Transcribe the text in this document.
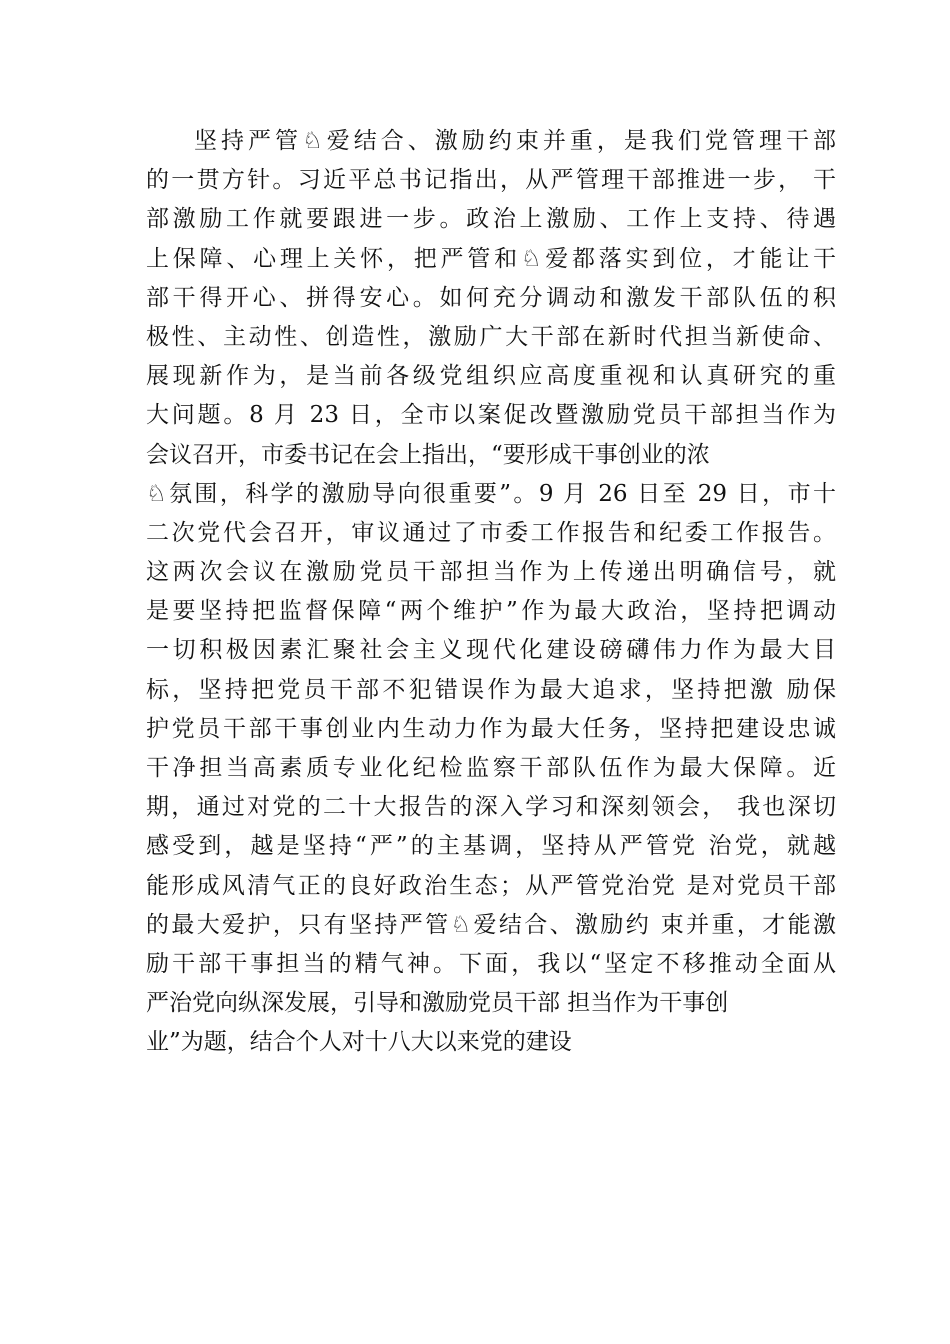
坚持严管♘爱结合、激励约束并重，是我们党管理干部
的一贯方针。习近平总书记指出，从严管理干部推进一步， 干
部激励工作就要跟进一步。政治上激励、工作上支持、待遇
上保障、心理上关怀，把严管和♘爱都落实到位，才能让干
部干得开心、拼得安心。如何充分调动和激发干部队伍的积
极性、主动性、创造性，激励广大干部在新时代担当新使命、
展现新作为，是当前各级党组织应高度重视和认真研究的重
大问题。8 月 23 日，全市以案促改暨激励党员干部担当作为
会议召开，市委书记在会上指出，“要形成干事创业的浓
♘氛围，科学的激励导向很重要”。9 月 26 日至 29 日，市十
二次党代会召开，审议通过了市委工作报告和纪委工作报告。
这两次会议在激励党员干部担当作为上传递出明确信号，就
是要坚持把监督保障“两个维护”作为最大政治，坚持把调动
一切积极因素汇聚社会主义现代化建设磅礴伟力作为最大目
标，坚持把党员干部不犯错误作为最大追求，坚持把激 励保
护党员干部干事创业内生动力作为最大任务，坚持把建设忠诚
干净担当高素质专业化纪检监察干部队伍作为最大保障。近
期，通过对党的二十大报告的深入学习和深刻领会， 我也深切
感受到，越是坚持“严”的主基调，坚持从严管党 治党，就越
能形成风清气正的良好政治生态；从严管党治党 是对党员干部
的最大爱护，只有坚持严管♘爱结合、激励约 束并重，才能激
励干部干事担当的精气神。下面，我以“坚定不移推动全面从
严治党向纵深发展，引导和激励党员干部 担当作为干事创
业”为题，结合个人对十八大以来党的建设
